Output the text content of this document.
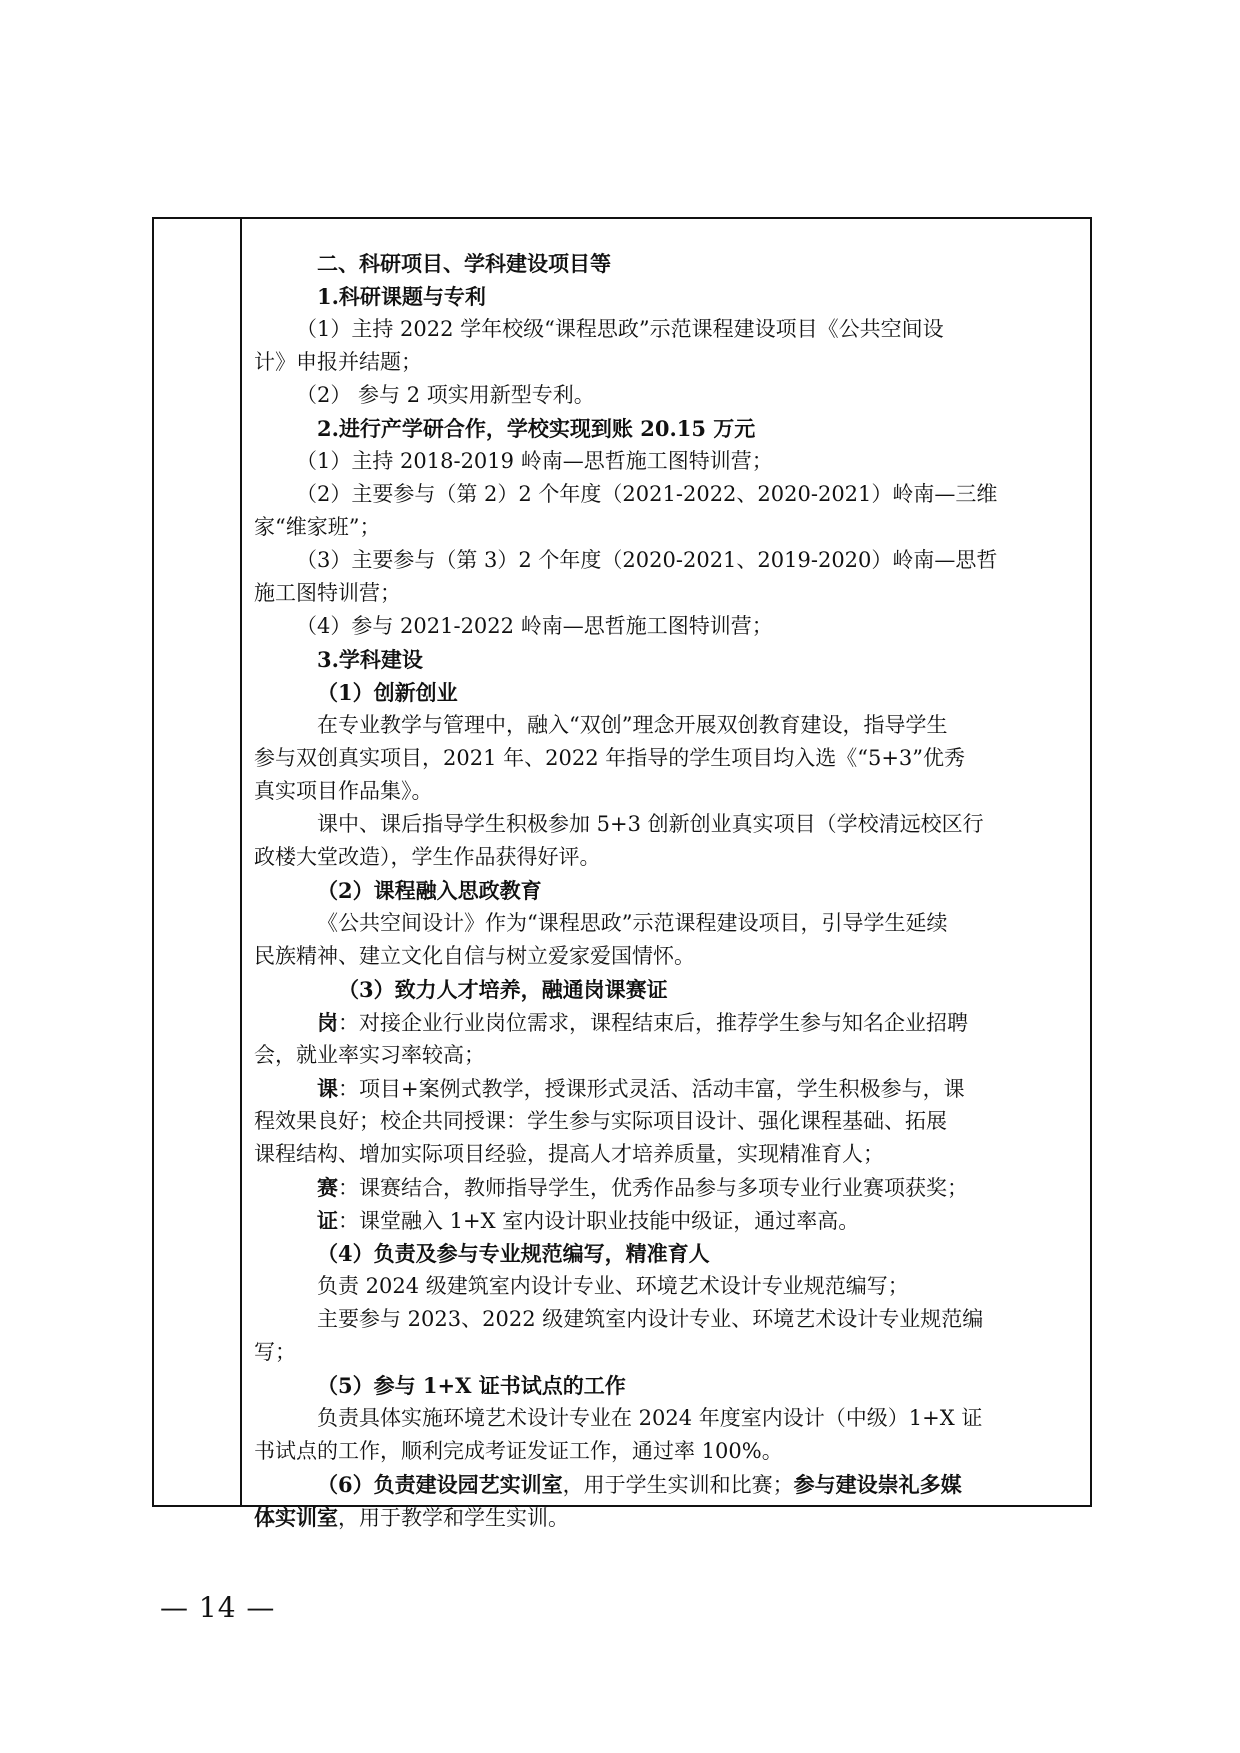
二、科研项目、学科建设项目等
1.科研课题与专利
（1）主持 2022 学年校级“课程思政”示范课程建设项目《公共空间设
计》申报并结题；
（2） 参与 2 项实用新型专利。
2.进行产学研合作，学校实现到账 20.15 万元
（1）主持 2018-2019 岭南—思哲施工图特训营；
（2）主要参与（第 2）2 个年度（2021-2022、2020-2021）岭南—三维
家“维家班”；
（3）主要参与（第 3）2 个年度（2020-2021、2019-2020）岭南—思哲
施工图特训营；
（4）参与 2021-2022 岭南—思哲施工图特训营；
3.学科建设
（1）创新创业
在专业教学与管理中，融入“双创”理念开展双创教育建设，指导学生
参与双创真实项目，2021 年、2022 年指导的学生项目均入选《“5+3”优秀
真实项目作品集》。
课中、课后指导学生积极参加 5+3 创新创业真实项目（学校清远校区行
政楼大堂改造），学生作品获得好评。
（2）课程融入思政教育
《公共空间设计》作为“课程思政”示范课程建设项目，引导学生延续
民族精神、建立文化自信与树立爱家爱国情怀。
（3）致力人才培养，融通岗课赛证
岗：对接企业行业岗位需求，课程结束后，推荐学生参与知名企业招聘
会，就业率实习率较高；
课：项目+案例式教学，授课形式灵活、活动丰富，学生积极参与，课
程效果良好；校企共同授课：学生参与实际项目设计、强化课程基础、拓展
课程结构、增加实际项目经验，提高人才培养质量，实现精准育人；
赛：课赛结合，教师指导学生，优秀作品参与多项专业行业赛项获奖；
证：课堂融入 1+X 室内设计职业技能中级证，通过率高。
（4）负责及参与专业规范编写，精准育人
负责 2024 级建筑室内设计专业、环境艺术设计专业规范编写；
主要参与 2023、2022 级建筑室内设计专业、环境艺术设计专业规范编
写；
（5）参与 1+X 证书试点的工作
负责具体实施环境艺术设计专业在 2024 年度室内设计（中级）1+X 证
书试点的工作，顺利完成考证发证工作，通过率 100%。
（6）负责建设园艺实训室，用于学生实训和比赛；参与建设崇礼多媒
体实训室，用于教学和学生实训。
— 14 —
